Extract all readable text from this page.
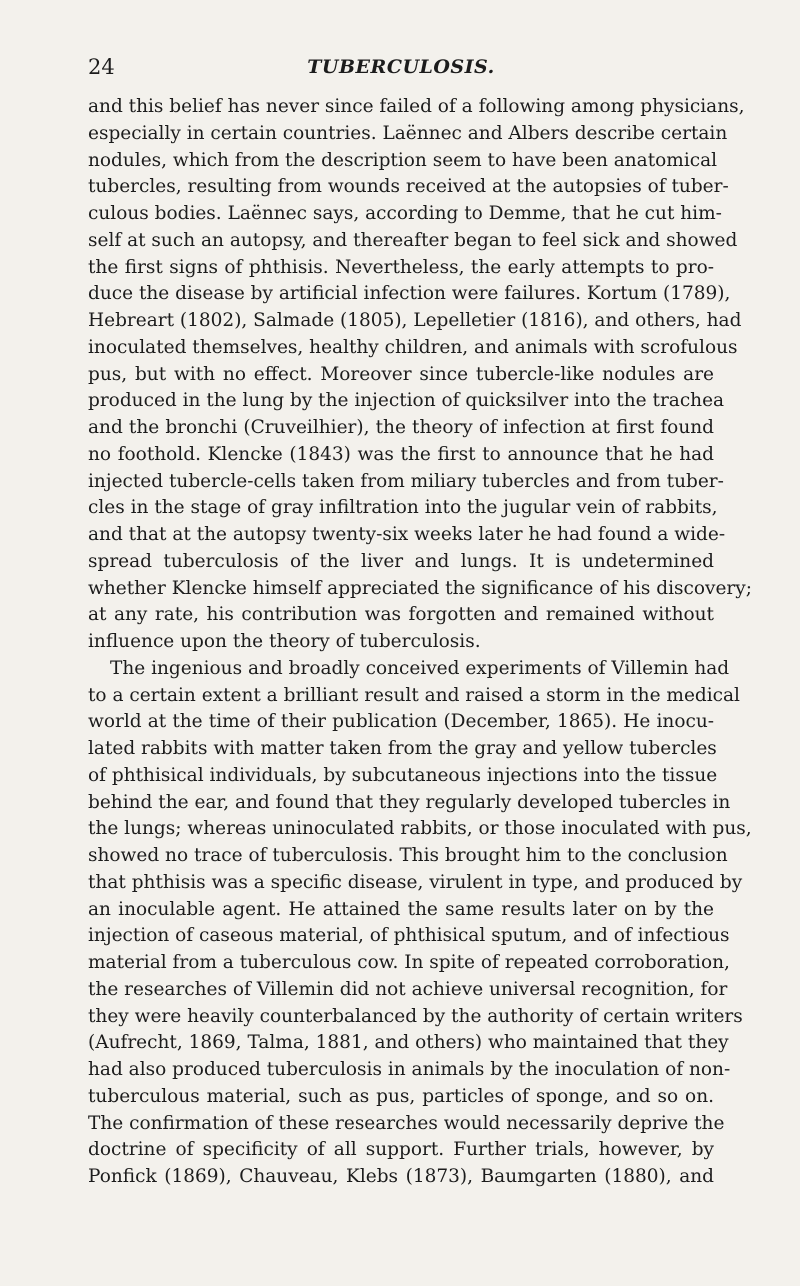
24	TUBERCULOSIS.
and this belief has never since failed of a following among physicians,
especially in certain countries. Laënnec and Albers describe certain
nodules, which from the description seem to have been anatomical
tubercles, resulting from wounds received at the autopsies of tuber-
culous bodies. Laënnec says, according to Demme, that he cut him-
self at such an autopsy, and thereafter began to feel sick and showed
the first signs of phthisis. Nevertheless, the early attempts to pro-
duce the disease by artificial infection were failures. Kortum (1789),
Hebreart (1802), Salmade (1805), Lepelletier (1816), and others, had
inoculated themselves, healthy children, and animals with scrofulous
pus, but with no effect. Moreover since tubercle-like nodules are
produced in the lung by the injection of quicksilver into the trachea
and the bronchi (Cruveilhier), the theory of infection at first found
no foothold. Klencke (1843) was the first to announce that he had
injected tubercle-cells taken from miliary tubercles and from tuber-
cles in the stage of gray infiltration into the jugular vein of rabbits,
and that at the autopsy twenty-six weeks later he had found a wide-
spread tuberculosis of the liver and lungs. It is undetermined
whether Klencke himself appreciated the significance of his discovery;
at any rate, his contribution was forgotten and remained without
influence upon the theory of tuberculosis.
The ingenious and broadly conceived experiments of Villemin had
to a certain extent a brilliant result and raised a storm in the medical
world at the time of their publication (December, 1865). He inocu-
lated rabbits with matter taken from the gray and yellow tubercles
of phthisical individuals, by subcutaneous injections into the tissue
behind the ear, and found that they regularly developed tubercles in
the lungs; whereas uninoculated rabbits, or those inoculated with pus,
showed no trace of tuberculosis. This brought him to the conclusion
that phthisis was a specific disease, virulent in type, and produced by
an inoculable agent. He attained the same results later on by the
injection of caseous material, of phthisical sputum, and of infectious
material from a tuberculous cow. In spite of repeated corroboration,
the researches of Villemin did not achieve universal recognition, for
they were heavily counterbalanced by the authority of certain writers
(Aufrecht, 1869, Talma, 1881, and others) who maintained that they
had also produced tuberculosis in animals by the inoculation of non-
tuberculous material, such as pus, particles of sponge, and so on.
The confirmation of these researches would necessarily deprive the
doctrine of specificity of all support. Further trials, however, by
Ponfick (1869), Chauveau, Klebs (1873), Baumgarten (1880), and
